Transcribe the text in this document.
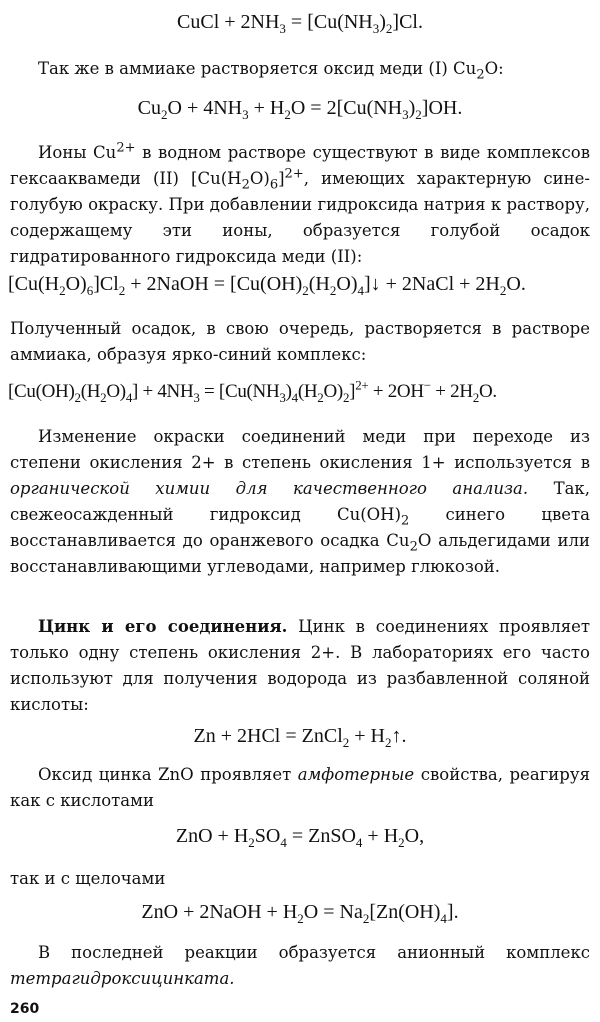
CuCl + $2NH_3 = [Cu(NH_3)_2]Cl$.

Так же в аммиаке растворяется оксид меди (I) $Cu_2O$:

$Cu_2O + 4NH_3 + H_2O = 2[Cu(NH_3)_2]OH$.

Ионы $Cu^{2+}$ в водном растворе существуют в виде комплексов гексааквамеди (II) $[Cu(H_2O)_6]^{2+}$, имеющих характерную сине-голубую окраску. При добавлении гидроксида натрия к раствору, содержащему эти ионы, образуется голубой осадок гидратированного гидроксида меди (II):

$[Cu(H_2O)_6]Cl_2$ + 2NaOH = $[Cu(OH)_2(H_2O)_4]↓$ + 2NaCl + $2H_2O$.

Полученный осадок, в свою очередь, растворяется в растворе аммиака, образуя ярко-синий комплекс:

$[Cu(OH)_2(H_2O)_4] + 4NH_3 = [Cu(NH_3)_4(H_2O)_2]^{2+} + 2OH^- + 2H_2O$.

Изменение окраски соединений меди при переходе из степени окисления 2+ в степень окисления 1+ используется в органической химии для качественного анализа. Так, свежеосажденный гидроксид $Cu(OH)_2$ синего цвета восстанавливается до оранжевого осадка $Cu_2O$ альдегидами или восстанавливающими углеводами, например глюкозой.

Цинк и его соединения. Цинк в соединениях проявляет только одну степень окисления 2+. В лабораториях его часто используют для получения водорода из разбавленной соляной кислоты:

Zn + 2HCl = ZnCl$_2$ + $H_2↑$.

Оксид цинка ZnO проявляет амфотерные свойства, реагируя как с кислотами

ZnO + $H_2SO_4$ = ZnSO$_4$ + $H_2O$,

так и с щелочами

ZnO + 2NaOH + $H_2O = Na_2[Zn(OH)_4]$.

В последней реакции образуется анионный комплекс тетрагидроксицинката.

260
